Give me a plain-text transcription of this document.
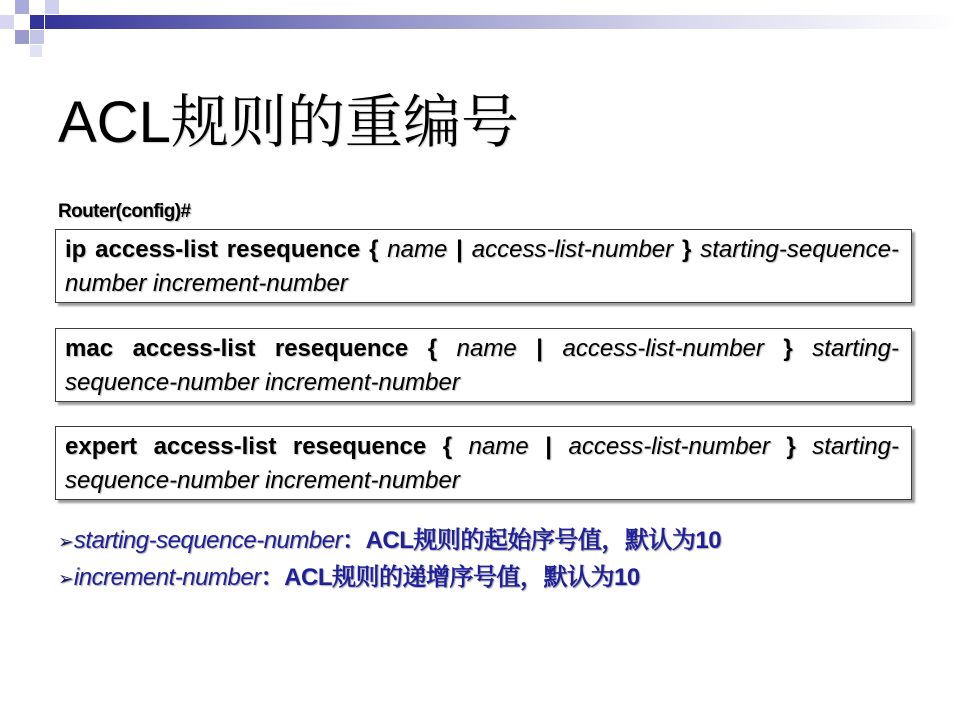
ACL规则的重编号
Router(config)#
ip access-list resequence { name | access-list-number } starting-sequence-number increment-number
mac access-list resequence { name | access-list-number } starting-sequence-number increment-number
expert access-list resequence { name | access-list-number } starting-sequence-number increment-number
➢starting-sequence-number：ACL规则的起始序号值，默认为10
➢increment-number：ACL规则的递增序号值，默认为10
